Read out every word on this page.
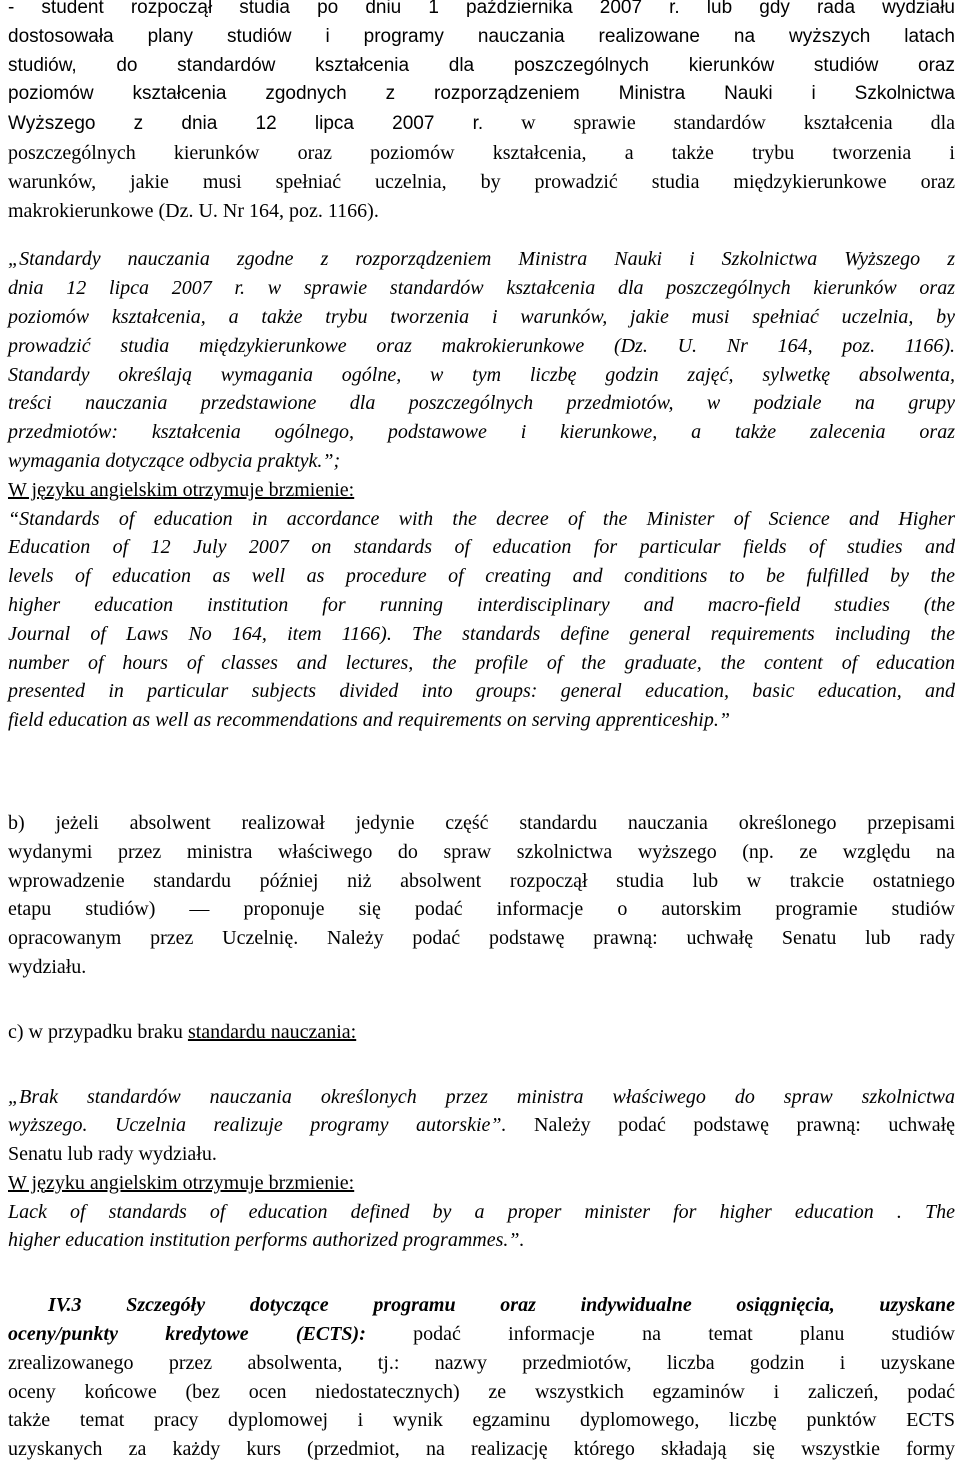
- student rozpoczął studia po dniu 1 października 2007 r. lub gdy rada wydziału
dostosowała plany studiów i programy nauczania realizowane na wyższych latach
studiów, do standardów kształcenia dla poszczególnych kierunków studiów oraz
poziomów kształcenia zgodnych z rozporządzeniem Ministra Nauki i Szkolnictwa
Wyższego z dnia 12 lipca 2007 r. w sprawie standardów kształcenia dla
poszczególnych kierunków oraz poziomów kształcenia, a także trybu tworzenia i
warunków, jakie musi spełniać uczelnia, by prowadzić studia międzykierunkowe oraz
makrokierunkowe (Dz. U. Nr 164, poz. 1166).
„Standardy nauczania zgodne z rozporządzeniem Ministra Nauki i Szkolnictwa Wyższego z
dnia 12 lipca 2007 r. w sprawie standardów kształcenia dla poszczególnych kierunków oraz
poziomów kształcenia, a także trybu tworzenia i warunków, jakie musi spełniać uczelnia, by
prowadzić studia międzykierunkowe oraz makrokierunkowe (Dz. U. Nr 164, poz. 1166).
Standardy określają wymagania ogólne, w tym liczbę godzin zajęć, sylwetkę absolwenta,
treści nauczania przedstawione dla poszczególnych przedmiotów, w podziale na grupy
przedmiotów: kształcenia ogólnego, podstawowe i kierunkowe, a także zalecenia oraz
wymagania dotyczące odbycia praktyk.”;
W języku angielskim otrzymuje brzmienie:
“Standards of education in accordance with the decree of the Minister of Science and Higher
Education of 12 July 2007 on standards of education for particular fields of studies and
levels of education as well as procedure of creating and conditions to be fulfilled by the
higher education institution for running interdisciplinary and macro-field studies (the
Journal of Laws No 164, item 1166). The standards define general requirements including the
number of hours of classes and lectures, the profile of the graduate, the content of education
presented in particular subjects divided into groups: general education, basic education, and
field education as well as recommendations and requirements on serving apprenticeship.”
b) jeżeli absolwent realizował jedynie część standardu nauczania określonego przepisami
wydanymi przez ministra właściwego do spraw szkolnictwa wyższego (np. ze względu na
wprowadzenie standardu później niż absolwent rozpoczął studia lub w trakcie ostatniego
etapu studiów) — proponuje się podać informacje o autorskim programie studiów
opracowanym przez Uczelnię. Należy podać podstawę prawną: uchwałę Senatu lub rady
wydziału.
c) w przypadku braku standardu nauczania:
„Brak standardów nauczania określonych przez ministra właściwego do spraw szkolnictwa
wyższego. Uczelnia realizuje programy autorskie”. Należy podać podstawę prawną: uchwałę
Senatu lub rady wydziału.
W języku angielskim otrzymuje brzmienie:
Lack of standards of education defined by a proper minister for higher education . The
higher education institution performs authorized programmes.”.
IV.3 Szczegóły dotyczące programu oraz indywidualne osiągnięcia, uzyskane
oceny/punkty kredytowe (ECTS): podać informacje na temat planu studiów
zrealizowanego przez absolwenta, tj.: nazwy przedmiotów, liczba godzin i uzyskane
oceny końcowe (bez ocen niedostatecznych) ze wszystkich egzaminów i zaliczeń, podać
także temat pracy dyplomowej i wynik egzaminu dyplomowego, liczbę punktów ECTS
uzyskanych za każdy kurs (przedmiot, na realizację którego składają się wszystkie formy
